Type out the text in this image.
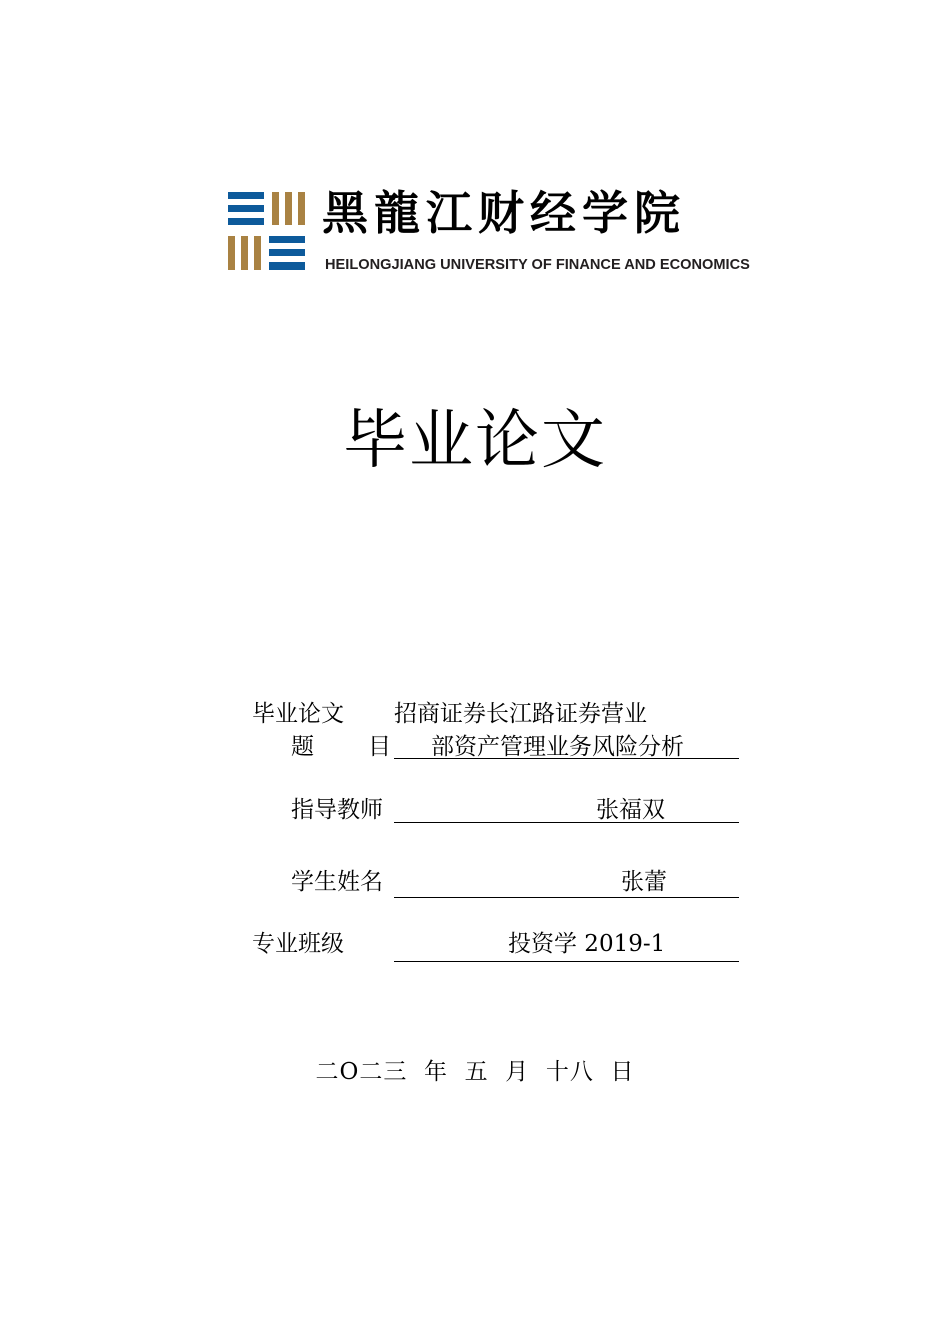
黑龍江财经学院
HEILONGJIANG UNIVERSITY OF FINANCE AND ECONOMICS
毕业论文
毕业论文 招商证券长江路证券营业
题 目 部资产管理业务风险分析
指导教师	张福双
学生姓名	张蕾
专业班级	投资学 2019-1
二O二三  年  五  月  十八  日
